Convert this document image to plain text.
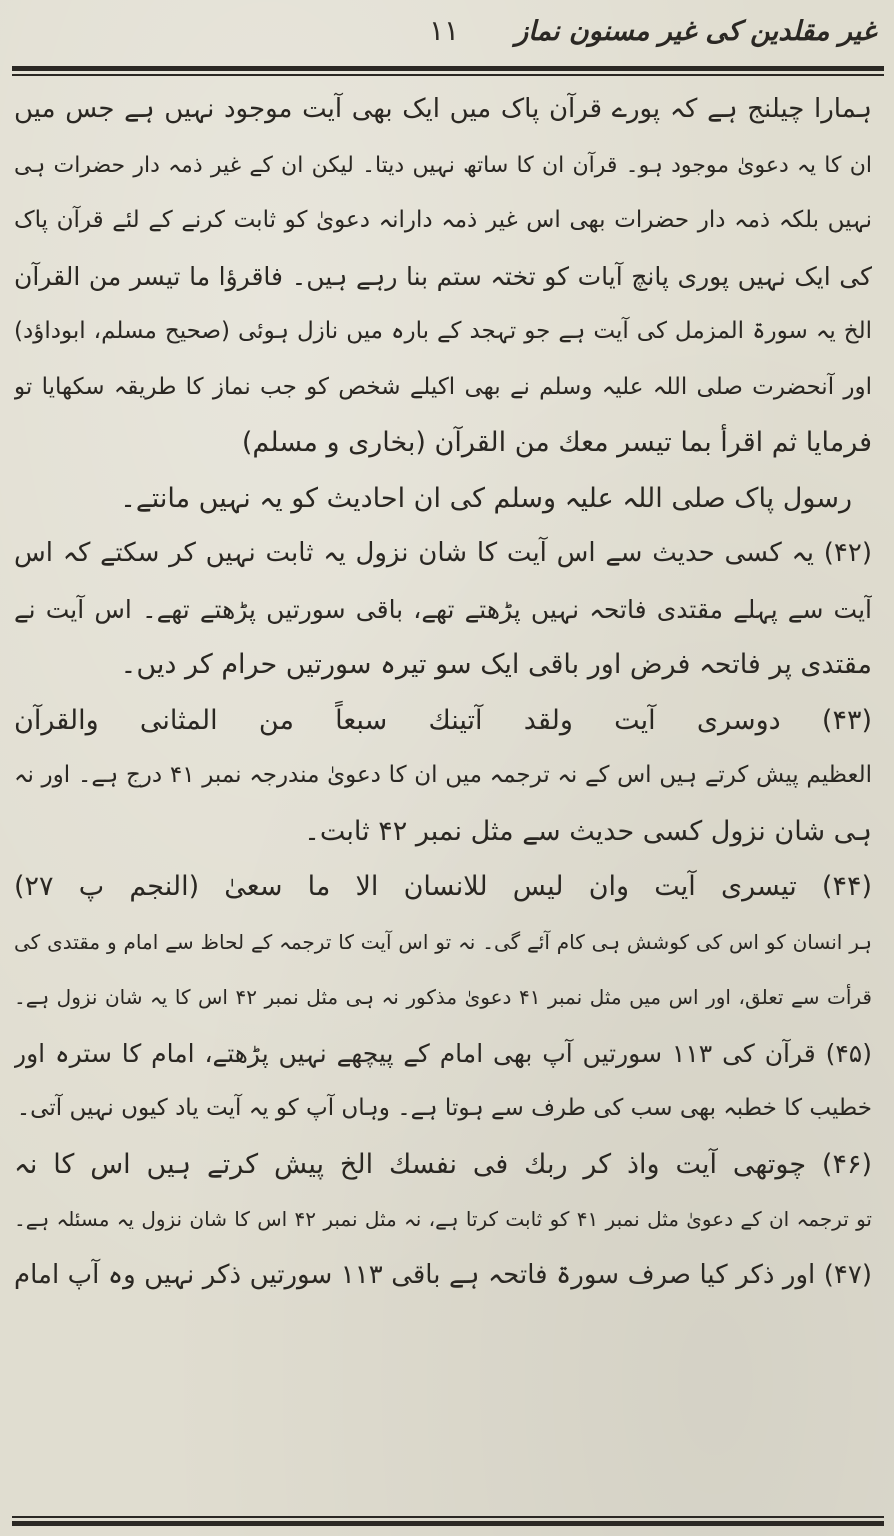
۱۱ غیر مقلدین کی غیر مسنون نماز
ہمارا چیلنج ہے کہ پورے قرآن پاک میں ایک بھی آیت موجود نہیں ہے جس میں
ان کا یہ دعویٰ موجود ہو۔ قرآن ان کا ساتھ نہیں دیتا۔ لیکن ان کے غیر ذمہ دار حضرات ہی
نہیں بلکہ ذمہ دار حضرات بھی اس غیر ذمہ دارانہ دعویٰ کو ثابت کرنے کے لئے قرآن پاک
کی ایک نہیں پوری پانچ آیات کو تختہ ستم بنا رہے ہیں۔ فاقرؤا ما تیسر من القرآن
الخ یہ سورۃ المزمل کی آیت ہے جو تہجد کے بارہ میں نازل ہوئی (صحیح مسلم، ابوداؤد)
اور آنحضرت صلی اللہ علیہ وسلم نے بھی اکیلے شخص کو جب نماز کا طریقہ سکھایا تو
فرمایا ثم اقرأ بما تیسر معك من القرآن (بخاری و مسلم)
رسول پاک صلی اللہ علیہ وسلم کی ان احادیث کو یہ نہیں مانتے۔
(۴۲) یہ کسی حدیث سے اس آیت کا شان نزول یہ ثابت نہیں کر سکتے کہ اس
آیت سے پہلے مقتدی فاتحہ نہیں پڑھتے تھے، باقی سورتیں پڑھتے تھے۔ اس آیت نے
مقتدی پر فاتحہ فرض اور باقی ایک سو تیرہ سورتیں حرام کر دیں۔
(۴۳) دوسری آیت ولقد آتینك سبعاً من المثانی والقرآن
العظیم پیش کرتے ہیں اس کے نہ ترجمہ میں ان کا دعویٰ مندرجہ نمبر ۴۱ درج ہے۔ اور نہ
ہی شان نزول کسی حدیث سے مثل نمبر ۴۲ ثابت۔
(۴۴) تیسری آیت وان لیس للانسان الا ما سعیٰ (النجم پ ۲۷)
ہر انسان کو اس کی کوشش ہی کام آئے گی۔ نہ تو اس آیت کا ترجمہ کے لحاظ سے امام و مقتدی کی
قرأت سے تعلق، اور اس میں مثل نمبر ۴۱ دعویٰ مذکور نہ ہی مثل نمبر ۴۲ اس کا یہ شان نزول ہے۔
(۴۵) قرآن کی ۱۱۳ سورتیں آپ بھی امام کے پیچھے نہیں پڑھتے، امام کا سترہ اور
خطیب کا خطبہ بھی سب کی طرف سے ہوتا ہے۔ وہاں آپ کو یہ آیت یاد کیوں نہیں آتی۔
(۴۶) چوتھی آیت واذ کر ربك فی نفسك الخ پیش کرتے ہیں اس کا نہ
تو ترجمہ ان کے دعویٰ مثل نمبر ۴۱ کو ثابت کرتا ہے، نہ مثل نمبر ۴۲ اس کا شان نزول یہ مسئلہ ہے۔
(۴۷) اور ذکر کیا صرف سورۃ فاتحہ ہے باقی ۱۱۳ سورتیں ذکر نہیں وہ آپ امام
